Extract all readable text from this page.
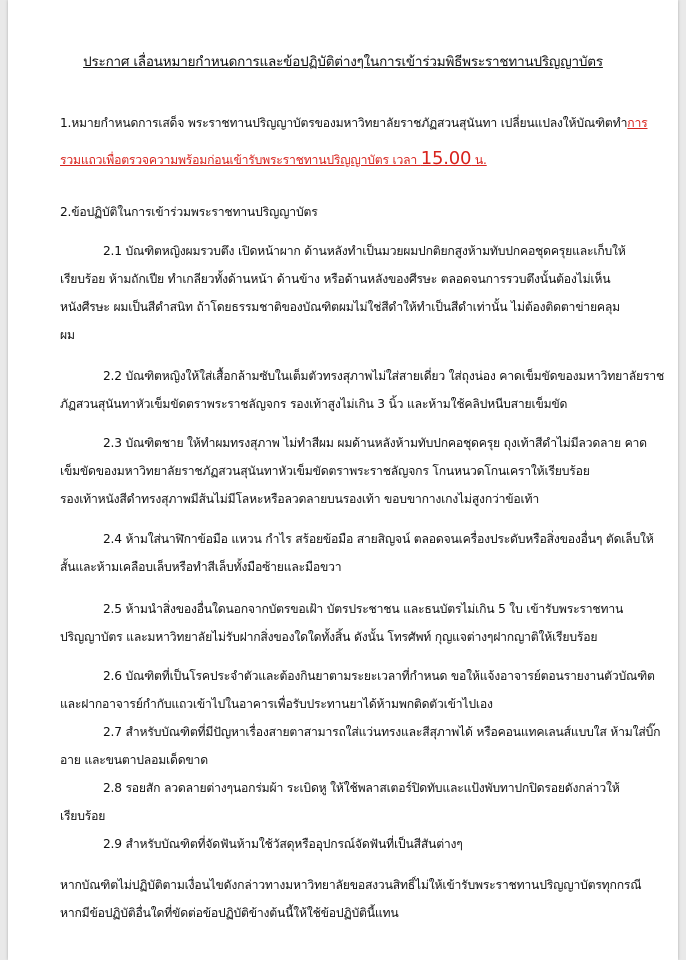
ประกาศ เลื่อนหมายกำหนดการและข้อปฏิบัติต่างๆในการเข้าร่วมพิธีพระราชทานปริญญาบัตร
1.หมายกำหนดการเสด็จ พระราชทานปริญญาบัตรของมหาวิทยาลัยราชภัฏสวนสุนันทา เปลี่ยนแปลงให้บัณฑิตทำการ
รวมแถวเพื่อตรวจความพร้อมก่อนเข้ารับพระราชทานปริญญาบัตร เวลา 15.00 น.
2.ข้อปฏิบัติในการเข้าร่วมพระราชทานปริญญาบัตร
2.1 บัณฑิตหญิงผมรวบตึง เปิดหน้าผาก ด้านหลังทำเป็นมวยผมปกติยกสูงห้ามทับปกคอชุดครุยและเก็บให้
เรียบร้อย ห้ามถักเปีย ทำเกลียวทั้งด้านหน้า ด้านข้าง หรือด้านหลังของศีรษะ ตลอดจนการรวบตึงนั้นต้องไม่เห็น
หนังศีรษะ ผมเป็นสีดำสนิท ถ้าโดยธรรมชาติของบัณฑิตผมไม่ใช่สีดำให้ทำเป็นสีดำเท่านั้น ไม่ต้องติดตาข่ายคลุม
ผม
2.2 บัณฑิตหญิงให้ใส่เสื้อกล้ามซับในเต็มตัวทรงสุภาพไม่ใส่สายเดี่ยว ใส่ถุงน่อง คาดเข็มขัดของมหาวิทยาลัยราช
ภัฏสวนสุนันทาหัวเข็มขัดตราพระราชลัญจกร รองเท้าสูงไม่เกิน 3 นิ้ว และห้ามใช้คลิปหนีบสายเข็มขัด
2.3 บัณฑิตชาย ให้ทำผมทรงสุภาพ ไม่ทำสีผม ผมด้านหลังห้ามทับปกคอชุดครุย ถุงเท้าสีดำไม่มีลวดลาย คาด
เข็มขัดของมหาวิทยาลัยราชภัฏสวนสุนันทาหัวเข็มขัดตราพระราชลัญจกร โกนหนวดโกนเคราให้เรียบร้อย
รองเท้าหนังสีดำทรงสุภาพมีส้นไม่มีโลหะหรือลวดลายบนรองเท้า ขอบขากางเกงไม่สูงกว่าข้อเท้า
2.4 ห้ามใส่นาฬิกาข้อมือ แหวน กำไร สร้อยข้อมือ สายสิญจน์ ตลอดจนเครื่องประดับหรือสิ่งของอื่นๆ ตัดเล็บให้
สั้นและห้ามเคลือบเล็บหรือทำสีเล็บทั้งมือซ้ายและมือขวา
2.5 ห้ามนำสิ่งของอื่นใดนอกจากบัตรขอเฝ้า บัตรประชาชน และธนบัตรไม่เกิน 5 ใบ เข้ารับพระราชทาน
ปริญญาบัตร และมหาวิทยาลัยไม่รับฝากสิ่งของใดใดทั้งสิ้น ดังนั้น โทรศัพท์ กุญแจต่างๆฝากญาติให้เรียบร้อย
2.6 บัณฑิตที่เป็นโรคประจำตัวและต้องกินยาตามระยะเวลาที่กำหนด ขอให้แจ้งอาจารย์ตอนรายงานตัวบัณฑิต
และฝากอาจารย์กำกับแถวเข้าไปในอาคารเพื่อรับประทานยาได้ห้ามพกติดตัวเข้าไปเอง
2.7 สำหรับบัณฑิตที่มีปัญหาเรื่องสายตาสามารถใส่แว่นทรงและสีสุภาพได้ หรือคอนแทคเลนส์แบบใส ห้ามใส่บิ๊ก
อาย และขนตาปลอมเด็ดขาด
2.8 รอยสัก ลวดลายต่างๆนอกร่มผ้า ระเบิดหู ให้ใช้พลาสเตอร์ปิดทับและแป้งพับทาปกปิดรอยดังกล่าวให้
เรียบร้อย
2.9 สำหรับบัณฑิตที่จัดฟันห้ามใช้วัสดุหรืออุปกรณ์จัดฟันที่เป็นสีสันต่างๆ
หากบัณฑิตไม่ปฏิบัติตามเงื่อนไขดังกล่าวทางมหาวิทยาลัยขอสงวนสิทธิ์ไม่ให้เข้ารับพระราชทานปริญญาบัตรทุกกรณี
หากมีข้อปฏิบัติอื่นใดที่ขัดต่อข้อปฏิบัติข้างต้นนี้ให้ใช้ข้อปฏิบัตินี้แทน
